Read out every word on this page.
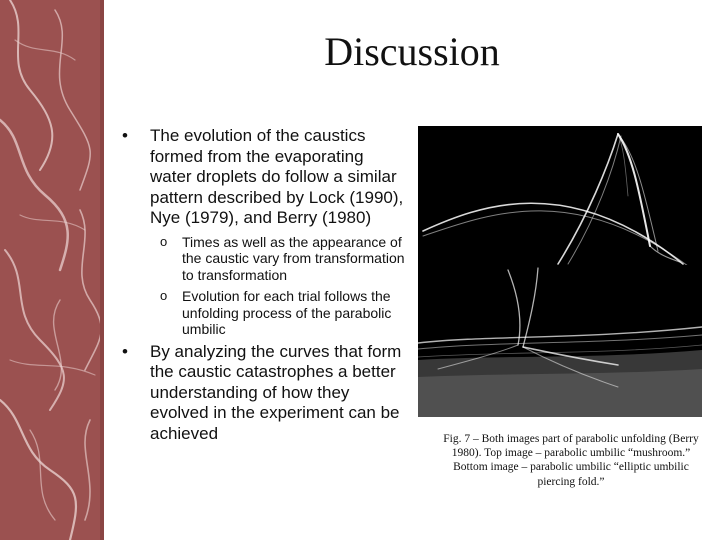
Discussion
• The evolution of the caustics formed from the evaporating water droplets do follow a similar pattern described by Lock (1990), Nye (1979), and Berry (1980)
o Times as well as the appearance of the caustic vary from transformation to transformation
o Evolution for each trial follows the unfolding process of the parabolic umbilic
• By analyzing the curves that form the caustic catastrophes a better understanding of how they evolved in the experiment can be achieved	Fig. 7 – Both images part of parabolic unfolding (Berry 1980). Top image – parabolic umbilic “mushroom.” Bottom image – parabolic umbilic “elliptic umbilic piercing fold.”
